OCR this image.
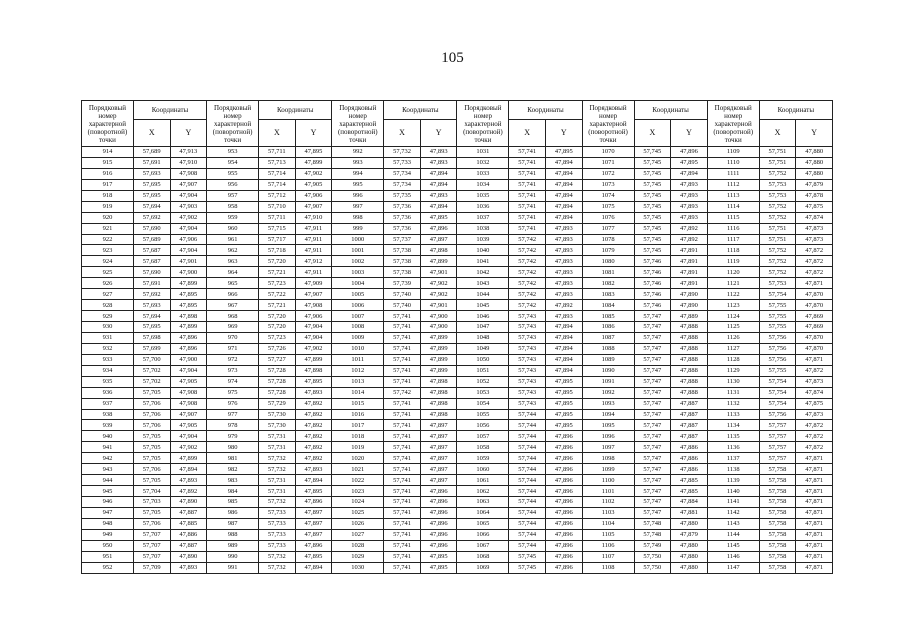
105
Порядковый
номер
характерной
(поворотной)
точки	Координаты		Порядковый
номер
характерной
(поворотной)
точки	Координаты		Порядковый
номер
характерной
(поворотной)
точки	Координаты		Порядковый
номер
характерной
(поворотной)
точки	Координаты		Порядковый
номер
характерной
(поворотной)
точки	Координаты		Порядковый
номер
характерной
(поворотной)
точки	Координаты	
	X	Y		X	Y		X	Y		X	Y		X	Y		X	Y
914	57,689	47,913	953	57,711	47,895	992	57,732	47,893	1031	57,741	47,895	1070	57,745	47,896	1109	57,751	47,880
915	57,691	47,910	954	57,713	47,899	993	57,733	47,893	1032	57,741	47,894	1071	57,745	47,895	1110	57,751	47,880
916	57,693	47,908	955	57,714	47,902	994	57,734	47,894	1033	57,741	47,894	1072	57,745	47,894	1111	57,752	47,880
917	57,695	47,907	956	57,714	47,905	995	57,734	47,894	1034	57,741	47,894	1073	57,745	47,893	1112	57,753	47,879
918	57,695	47,904	957	57,712	47,906	996	57,735	47,893	1035	57,741	47,894	1074	57,745	47,893	1113	57,753	47,878
919	57,694	47,903	958	57,710	47,907	997	57,736	47,894	1036	57,741	47,894	1075	57,745	47,893	1114	57,752	47,875
920	57,692	47,902	959	57,711	47,910	998	57,736	47,895	1037	57,741	47,894	1076	57,745	47,893	1115	57,752	47,874
921	57,690	47,904	960	57,715	47,911	999	57,736	47,896	1038	57,741	47,893	1077	57,745	47,892	1116	57,751	47,873
922	57,689	47,906	961	57,717	47,911	1000	57,737	47,897	1039	57,742	47,893	1078	57,745	47,892	1117	57,751	47,873
923	57,687	47,904	962	57,718	47,911	1001	57,738	47,898	1040	57,742	47,893	1079	57,745	47,891	1118	57,752	47,872
924	57,687	47,901	963	57,720	47,912	1002	57,738	47,899	1041	57,742	47,893	1080	57,746	47,891	1119	57,752	47,872
925	57,690	47,900	964	57,721	47,911	1003	57,738	47,901	1042	57,742	47,893	1081	57,746	47,891	1120	57,752	47,872
926	57,691	47,899	965	57,723	47,909	1004	57,739	47,902	1043	57,742	47,893	1082	57,746	47,891	1121	57,753	47,871
927	57,692	47,895	966	57,722	47,907	1005	57,740	47,902	1044	57,742	47,893	1083	57,746	47,890	1122	57,754	47,870
928	57,693	47,895	967	57,721	47,908	1006	57,740	47,901	1045	57,742	47,892	1084	57,746	47,890	1123	57,755	47,870
929	57,694	47,898	968	57,720	47,906	1007	57,741	47,900	1046	57,743	47,893	1085	57,747	47,889	1124	57,755	47,869
930	57,695	47,899	969	57,720	47,904	1008	57,741	47,900	1047	57,743	47,894	1086	57,747	47,888	1125	57,755	47,869
931	57,698	47,896	970	57,723	47,904	1009	57,741	47,899	1048	57,743	47,894	1087	57,747	47,888	1126	57,756	47,870
932	57,699	47,896	971	57,726	47,902	1010	57,741	47,899	1049	57,743	47,894	1088	57,747	47,888	1127	57,756	47,870
933	57,700	47,900	972	57,727	47,899	1011	57,741	47,899	1050	57,743	47,894	1089	57,747	47,888	1128	57,756	47,871
934	57,702	47,904	973	57,728	47,898	1012	57,741	47,899	1051	57,743	47,894	1090	57,747	47,888	1129	57,755	47,872
935	57,702	47,905	974	57,728	47,895	1013	57,741	47,898	1052	57,743	47,895	1091	57,747	47,888	1130	57,754	47,873
936	57,705	47,908	975	57,728	47,893	1014	57,742	47,898	1053	57,743	47,895	1092	57,747	47,888	1131	57,754	47,874
937	57,706	47,908	976	57,729	47,892	1015	57,741	47,898	1054	57,743	47,895	1093	57,747	47,887	1132	57,754	47,875
938	57,706	47,907	977	57,730	47,892	1016	57,741	47,898	1055	57,744	47,895	1094	57,747	47,887	1133	57,756	47,873
939	57,706	47,905	978	57,730	47,892	1017	57,741	47,897	1056	57,744	47,895	1095	57,747	47,887	1134	57,757	47,872
940	57,705	47,904	979	57,731	47,892	1018	57,741	47,897	1057	57,744	47,896	1096	57,747	47,887	1135	57,757	47,872
941	57,705	47,902	980	57,731	47,892	1019	57,741	47,897	1058	57,744	47,896	1097	57,747	47,886	1136	57,757	47,872
942	57,705	47,899	981	57,732	47,892	1020	57,741	47,897	1059	57,744	47,896	1098	57,747	47,886	1137	57,757	47,871
943	57,706	47,894	982	57,732	47,893	1021	57,741	47,897	1060	57,744	47,896	1099	57,747	47,886	1138	57,758	47,871
944	57,705	47,893	983	57,731	47,894	1022	57,741	47,897	1061	57,744	47,896	1100	57,747	47,885	1139	57,758	47,871
945	57,704	47,892	984	57,731	47,895	1023	57,741	47,896	1062	57,744	47,896	1101	57,747	47,885	1140	57,758	47,871
946	57,703	47,890	985	57,732	47,896	1024	57,741	47,896	1063	57,744	47,896	1102	57,747	47,884	1141	57,758	47,871
947	57,705	47,887	986	57,733	47,897	1025	57,741	47,896	1064	57,744	47,896	1103	57,747	47,881	1142	57,758	47,871
948	57,706	47,885	987	57,733	47,897	1026	57,741	47,896	1065	57,744	47,896	1104	57,748	47,880	1143	57,758	47,871
949	57,707	47,886	988	57,733	47,897	1027	57,741	47,896	1066	57,744	47,896	1105	57,748	47,879	1144	57,758	47,871
950	57,707	47,887	989	57,733	47,896	1028	57,741	47,896	1067	57,744	47,896	1106	57,749	47,880	1145	57,758	47,871
951	57,707	47,890	990	57,732	47,895	1029	57,741	47,895	1068	57,745	47,896	1107	57,750	47,880	1146	57,758	47,871
952	57,709	47,893	991	57,732	47,894	1030	57,741	47,895	1069	57,745	47,896	1108	57,750	47,880	1147	57,758	47,871
